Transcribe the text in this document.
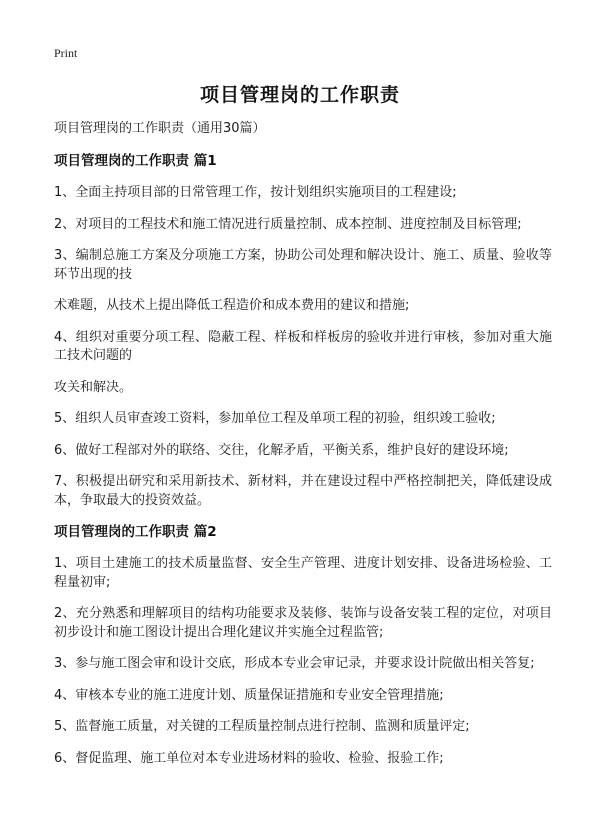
Print
项目管理岗的工作职责

项目管理岗的工作职责（通用30篇）

项目管理岗的工作职责 篇1

1、全面主持项目部的日常管理工作，按计划组织实施项目的工程建设;

2、对项目的工程技术和施工情况进行质量控制、成本控制、进度控制及目标管理;

3、编制总施工方案及分项施工方案，协助公司处理和解决设计、施工、质量、验收等环节出现的技

术难题，从技术上提出降低工程造价和成本费用的建议和措施;

4、组织对重要分项工程、隐蔽工程、样板和样板房的验收并进行审核，参加对重大施工技术问题的

攻关和解决。

5、组织人员审查竣工资料，参加单位工程及单项工程的初验，组织竣工验收;

6、做好工程部对外的联络、交往，化解矛盾，平衡关系，维护良好的建设环境;

7、积极提出研究和采用新技术、新材料，并在建设过程中严格控制把关，降低建设成本，争取最大的投资效益。

项目管理岗的工作职责 篇2

1、项目土建施工的技术质量监督、安全生产管理、进度计划安排、设备进场检验、工程量初审;

2、充分熟悉和理解项目的结构功能要求及装修、装饰与设备安装工程的定位，对项目初步设计和施工图设计提出合理化建议并实施全过程监管;

3、参与施工图会审和设计交底，形成本专业会审记录，并要求设计院做出相关答复;

4、审核本专业的施工进度计划、质量保证措施和专业安全管理措施;

5、监督施工质量，对关键的工程质量控制点进行控制、监测和质量评定;

6、督促监理、施工单位对本专业进场材料的验收、检验、报验工作;
